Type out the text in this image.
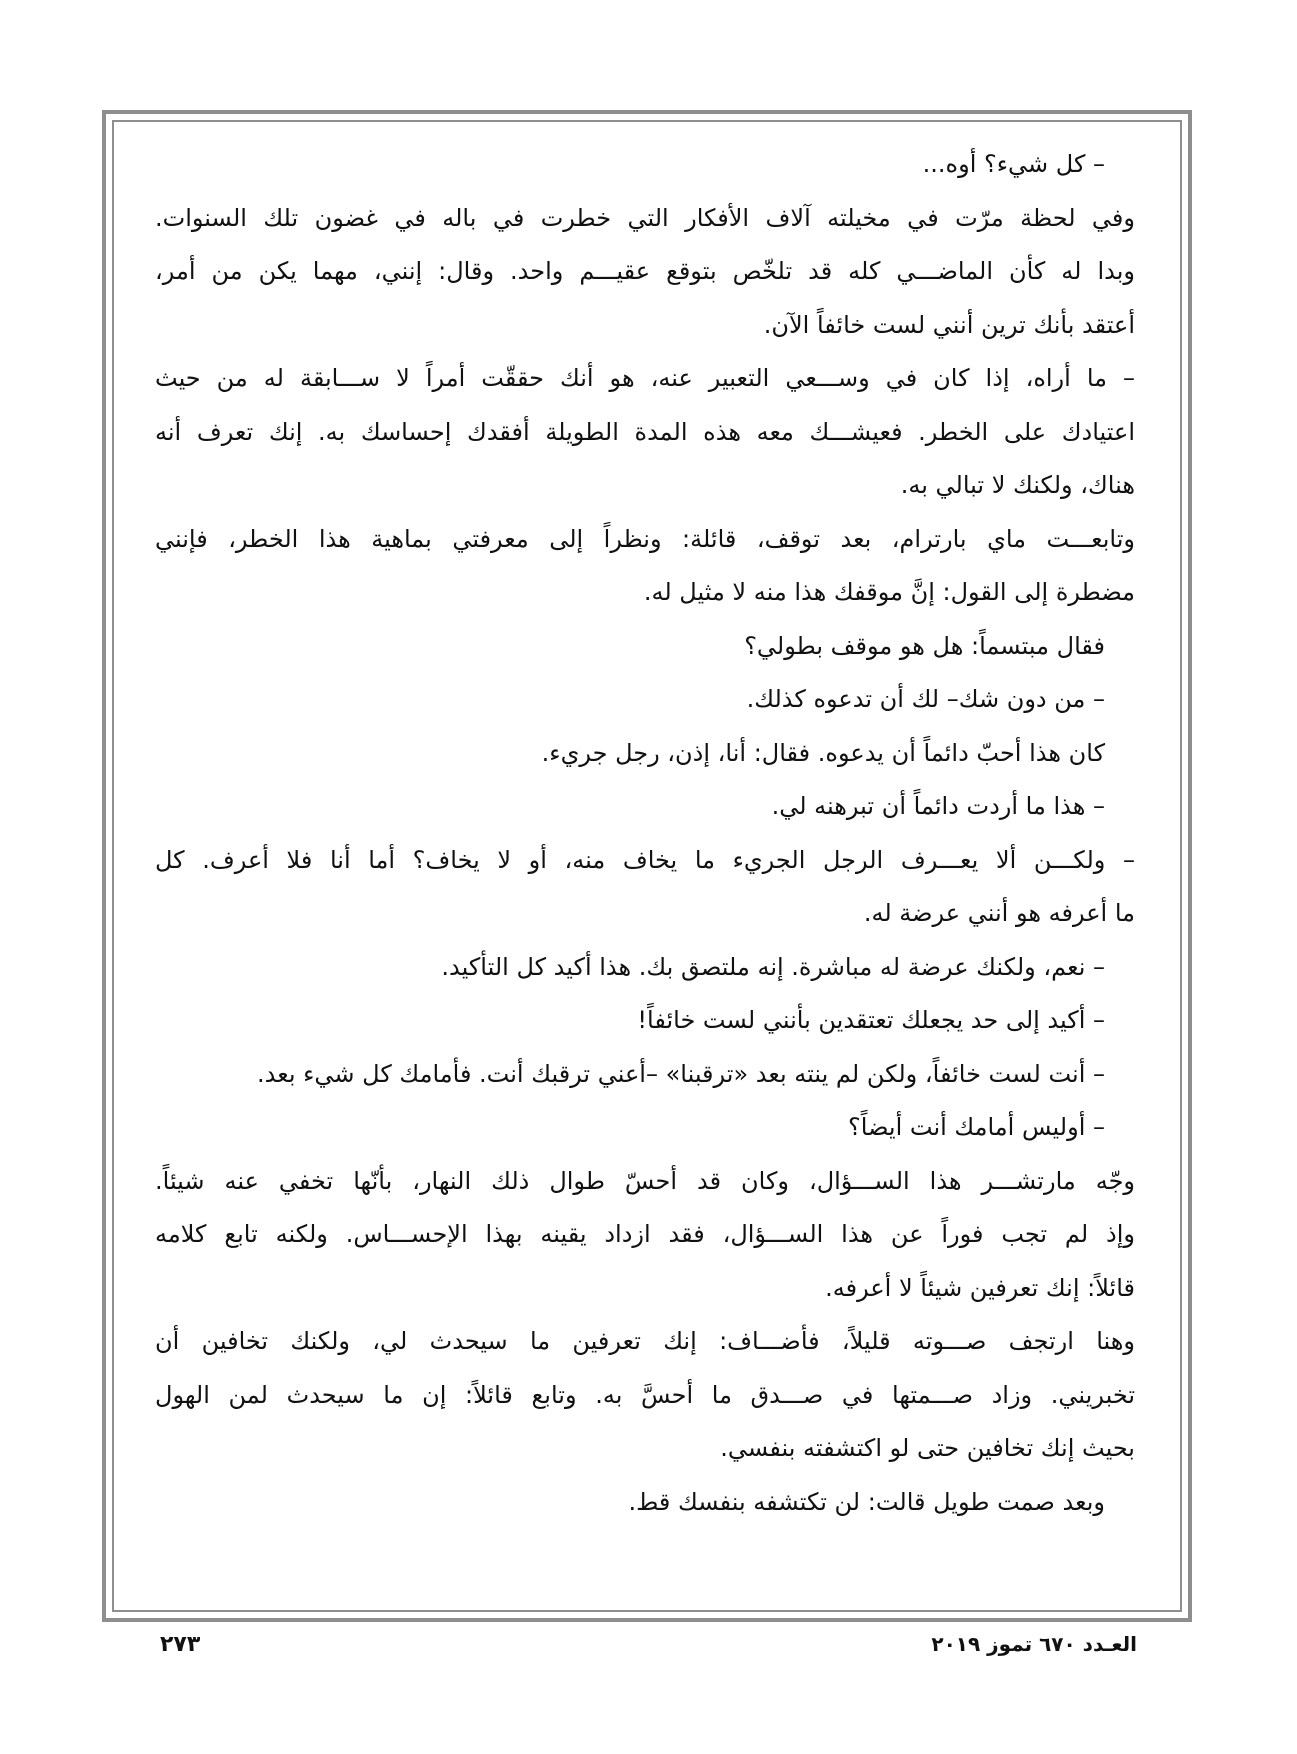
– كل شيء؟ أوه...
وفي لحظة مرّت في مخيلته آلاف الأفكار التي خطرت في باله في غضون تلك السنوات.
وبدا له كأن الماضـــي كله قد تلخّص بتوقع عقيـــم واحد. وقال: إنني، مهما يكن من أمر،
أعتقد بأنك ترين أنني لست خائفاً الآن.
– ما أراه، إذا كان في وســـعي التعبير عنه، هو أنك حققّت أمراً لا ســـابقة له من حيث
اعتيادك على الخطر. فعيشـــك معه هذه المدة الطويلة أفقدك إحساسك به. إنك تعرف أنه
هناك، ولكنك لا تبالي به.
وتابعـــت ماي بارترام، بعد توقف، قائلة: ونظراً إلى معرفتي بماهية هذا الخطر، فإنني
مضطرة إلى القول: إنَّ موقفك هذا منه لا مثيل له.
فقال مبتسماً: هل هو موقف بطولي؟
– من دون شك– لك أن تدعوه كذلك.
كان هذا أحبّ دائماً أن يدعوه. فقال: أنا، إذن، رجل جريء.
– هذا ما أردت دائماً أن تبرهنه لي.
– ولكـــن ألا يعـــرف الرجل الجريء ما يخاف منه، أو لا يخاف؟ أما أنا فلا أعرف. كل
ما أعرفه هو أنني عرضة له.
– نعم، ولكنك عرضة له مباشرة. إنه ملتصق بك. هذا أكيد كل التأكيد.
– أكيد إلى حد يجعلك تعتقدين بأنني لست خائفاً!
– أنت لست خائفاً، ولكن لم ينته بعد «ترقبنا» –أعني ترقبك أنت. فأمامك كل شيء بعد.
– أوليس أمامك أنت أيضاً؟
وجّه مارتشـــر هذا الســـؤال، وكان قد أحسّ طوال ذلك النهار، بأنّها تخفي عنه شيئاً.
وإذ لم تجب فوراً عن هذا الســـؤال، فقد ازداد يقينه بهذا الإحســـاس. ولكنه تابع كلامه
قائلاً: إنك تعرفين شيئاً لا أعرفه.
وهنا ارتجف صـــوته قليلاً، فأضـــاف: إنك تعرفين ما سيحدث لي، ولكنك تخافين أن
تخبريني. وزاد صـــمتها في صـــدق ما أحسَّ به. وتابع قائلاً: إن ما سيحدث لمن الهول
بحيث إنك تخافين حتى لو اكتشفته بنفسي.
وبعد صمت طويل قالت: لن تكتشفه بنفسك قط.
٢٧٣	العـدد ٦٧٠ تموز ٢٠١٩
